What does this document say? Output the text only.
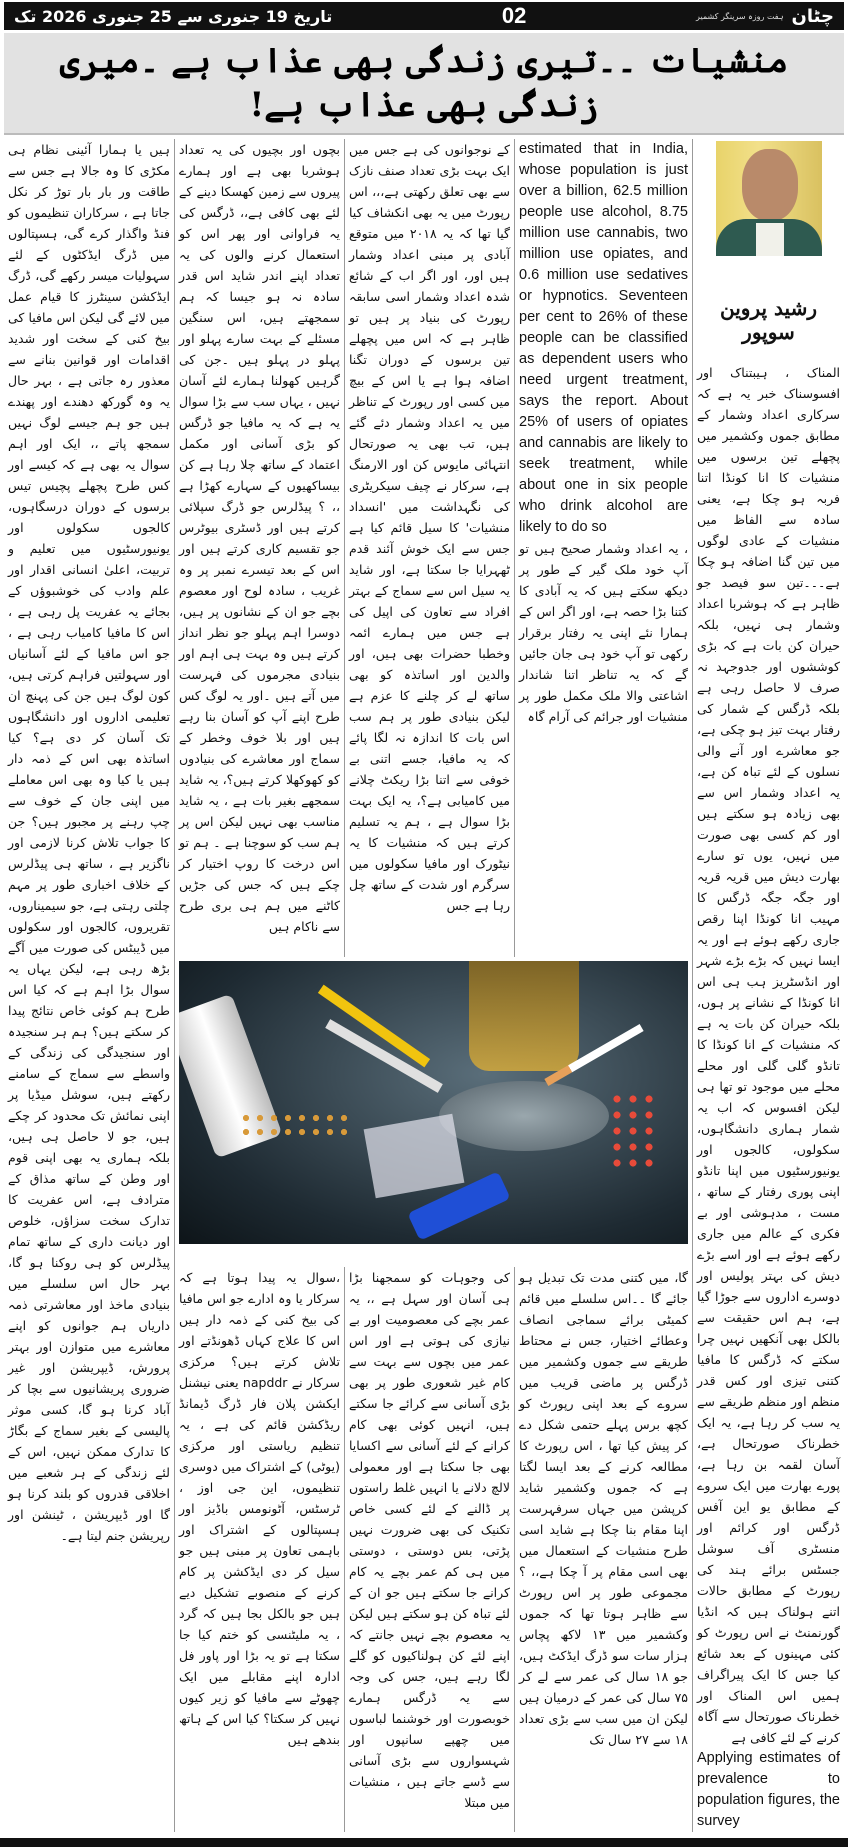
تاریخ 19 جنوری سے 25 جنوری 2026 تک	02	چٹان
ہفت روزہ سرینگر کشمیر
منشیات ۔۔تیری زندگی بھی عذاب ہے ۔میری زندگی بھی عذاب ہے!
ہیں یا ہمارا آئینی نظام ہی مکڑی کا وہ جالا ہے جس سے طاقت ور بار بار توڑ کر نکل جاتا ہے ، سرکاران تنظیموں کو فنڈ واگذار کرے گی، ہسپتالوں میں ڈرگ ایڈکٹوں کے لئے سہولیات میسر رکھے گی، ڈرگ ایڈکشن سینٹرز کا قیام عمل میں لائے گی لیکن اس مافیا کی بیخ کنی کے سخت اور شدید اقدامات اور قوانین بنانے سے معذور رہ جاتی ہے ، بہر حال یہ وہ گورکھ دھندے اور پھندے ہیں جو ہم جیسے لوگ نہیں سمجھ پاتے ،، ایک اور اہم سوال یہ بھی ہے کہ کیسے اور کس طرح پچھلے پچیس تیس برسوں کے دوران درسگاہوں، کالجوں سکولوں اور یونیورسٹیوں میں تعلیم و تربیت، اعلیٰ انسانی اقدار اور علم وادب کی خوشبوؤں کے بجائے یہ عفریت پل رہی ہے ، اس کا مافیا کامیاب رہی ہے ، جو اس مافیا کے لئے آسانیاں اور سہولتیں فراہم کرتی ہیں، کون لوگ ہیں جن کی پہنچ ان تعلیمی اداروں اور دانشگاہوں تک آسان کر دی ہے؟ کیا اساتذہ بھی اس کے ذمہ دار ہیں یا کیا وہ بھی اس معاملے میں اپنی جان کے خوف سے چپ رہنے پر مجبور ہیں؟ جن کا جواب تلاش کرنا لازمی اور ناگزیر ہے ، ساتھ ہی پیڈلرس کے خلاف اخباری طور پر مہم چلتی رہتی ہے، جو سیمیناروں، تقریروں، کالجوں اور سکولوں میں ڈیبٹس کی صورت میں آگے بڑھ رہی ہے، لیکن یہاں یہ سوال بڑا اہم ہے کہ کیا اس طرح ہم کوئی خاص نتائج پیدا کر سکتے ہیں؟ ہم ہر سنجیدہ اور سنجیدگی کی زندگی کے واسطے سے سماج کے سامنے رکھتے ہیں، سوشل میڈیا پر اپنی نمائش تک محدود کر چکے ہیں، جو لا حاصل ہی ہیں، بلکہ ہماری یہ بھی اپنی قوم اور وطن کے ساتھ مذاق کے مترادف ہے، اس عفریت کا تدارک سخت سزاؤں، خلوص اور دیانت داری کے ساتھ تمام پیڈلرس کو ہی روکنا ہو گا، بہر حال اس سلسلے میں بنیادی ماخذ اور معاشرتی ذمہ داریاں ہم جوانوں کو اپنے معاشرے میں متوازن اور بہتر پرورش، ڈیپریشن اور غیر ضروری پریشانیوں سے بچا کر آباد کرنا ہو گا، کسی موثر پالیسی کے بغیر سماج کے بگاڑ کا تدارک ممکن نہیں، اس کے لئے زندگی کے ہر شعبے میں اخلاقی قدروں کو بلند کرنا ہو گا اور ڈیپریشن ، ٹینشن اور رپریشن جنم لیتا ہے۔
بچوں اور بچیوں کی یہ تعداد ہوشربا بھی ہے اور ہمارے پیروں سے زمین کھسکا دینے کے لئے بھی کافی ہے،، ڈرگس کی یہ فراوانی اور پھر اس کو استعمال کرنے والوں کی یہ تعداد اپنے اندر شاید اس قدر سادہ نہ ہو جیسا کہ ہم سمجھتے ہیں، اس سنگین مسئلے کے بہت سارے پہلو اور پہلو در پہلو ہیں ۔جن کی گرہیں کھولنا ہمارے لئے آسان نہیں ، یہاں سب سے بڑا سوال یہ ہے کہ یہ مافیا جو ڈرگس کو بڑی آسانی اور مکمل اعتماد کے ساتھ چلا رہا ہے کن بیساکھیوں کے سہارے کھڑا ہے ،، ؟ پیڈلرس جو ڈرگ سپلائی کرتے ہیں اور ڈسٹری بیوٹرس جو تقسیم کاری کرتے ہیں اور اس کے بعد تیسرے نمبر پر وہ غریب ، سادہ لوح اور معصوم بچے جو ان کے نشانوں پر ہیں، دوسرا اہم پہلو جو نظر انداز کرتے ہیں وہ بہت ہی اہم اور بنیادی مجرموں کی فہرست میں آتے ہیں ۔اور یہ لوگ کس طرح اپنے آپ کو آسان بنا رہے ہیں اور بلا خوف وخطر کے سماج اور معاشرے کی بنیادوں کو کھوکھلا کرتے ہیں؟، یہ شاید سمجھے بغیر بات ہے ، یہ شاید مناسب بھی نہیں لیکن اس پر ہم سب کو سوچنا ہے ۔ ہم تو اس درخت کا روپ اختیار کر چکے ہیں کہ جس کی جڑیں کاٹنے میں ہم ہی بری طرح سے ناکام ہیں
کے نوجوانوں کی ہے جس میں ایک بہت بڑی تعداد صنف نازک سے بھی تعلق رکھتی ہے،،، اس رپورٹ میں یہ بھی انکشاف کیا گیا تھا کہ یہ ۲۰۱۸ میں متوقع آبادی پر مبنی اعداد وشمار ہیں اور، اور اگر اب کے شائع شدہ اعداد وشمار اسی سابقہ رپورٹ کی بنیاد پر ہیں تو ظاہر ہے کہ اس میں پچھلے تین برسوں کے دوران تگنا اضافہ ہوا ہے یا اس کے بیچ میں کسی اور رپورٹ کے تناظر میں یہ اعداد وشمار دئے گئے ہیں، تب بھی یہ صورتحال انتہائی مایوس کن اور الارمنگ ہے، سرکار نے چیف سیکریٹری کی نگہداشت میں 'انسداد منشیات' کا سیل قائم کیا ہے جس سے ایک خوش آئند قدم ٹھہرایا جا سکتا ہے، اور شاید یہ سیل اس سے سماج کے بہتر افراد سے تعاون کی اپیل کی ہے جس میں ہمارے ائمہ وخطبا حضرات بھی ہیں، اور والدین اور اساتذہ کو بھی ساتھ لے کر چلنے کا عزم ہے لیکن بنیادی طور پر ہم سب اس بات کا اندازہ نہ لگا پائے کہ یہ مافیا، جسے اتنی بے خوفی سے اتنا بڑا ریکٹ چلانے میں کامیابی ہے؟، یہ ایک بہت بڑا سوال ہے ، ہم یہ تسلیم کرتے ہیں کہ منشیات کا یہ نیٹورک اور مافیا سکولوں میں سرگرم اور شدت کے ساتھ چل رہا ہے جس
estimated that in India, whose population is just over a billion, 62.5 million people use alcohol, 8.75 million use cannabis, two million use opiates, and 0.6 million use sedatives or hypnotics. Seventeen per cent to 26% of these people can be classified as dependent users who need urgent treatment, says the report. About 25% of users of opiates and cannabis are likely to seek treatment, while about one in six people who drink alcohol are likely to do so
، یہ اعداد وشمار صحیح ہیں تو آپ خود ملک گیر کے طور پر دیکھ سکتے ہیں کہ یہ آبادی کا کتنا بڑا حصہ ہے، اور اگر اس کے ہمارا نئے اپنی یہ رفتار برقرار رکھی تو آپ خود ہی جان جائیں گے کہ یہ تناظر اتنا شاندار اشاعتی والا ملک مکمل طور پر منشیات اور جرائم کی آرام گاہ
،سوال یہ پیدا ہوتا ہے کہ سرکار یا وہ ادارے جو اس مافیا کی بیخ کنی کے ذمہ دار ہیں اس کا علاج کہاں ڈھونڈتے اور تلاش کرتے ہیں؟ مرکزی سرکار نے napddr یعنی نیشنل ایکشن پلان فار ڈرگ ڈیمانڈ ریڈکشن قائم کی ہے ، یہ تنظیم ریاستی اور مرکزی (یوٹی) کے اشتراک میں دوسری تنظیموں، این جی اوز ، ٹرسٹس، آٹونومس باڈیز اور ہسپتالوں کے اشتراک اور باہمی تعاون پر مبنی ہیں جو سیل کر دی ایڈکشن پر کام کرنے کے منصوبے تشکیل دیے ہیں جو بالکل بجا ہیں کہ گرد ، یہ ملیٹنسی کو ختم کیا جا سکتا ہے تو یہ بڑا اور پاور فل ادارہ اپنے مقابلے میں ایک چھوٹے سے مافیا کو زیر کیوں نہیں کر سکتا؟ کیا اس کے ہاتھ بندھے ہیں
کی وجوہات کو سمجھنا بڑا ہی آسان اور سہل ہے ،، یہ عمر بچے کی معصومیت اور بے نیازی کی ہوتی ہے اور اس عمر میں بچوں سے بہت سے کام غیر شعوری طور پر بھی بڑی آسانی سے کرائے جا سکتے ہیں، انہیں کوئی بھی کام کرانے کے لئے آسانی سے اکسایا بھی جا سکتا ہے اور معمولی لالچ دلانے یا انہیں غلط راستوں پر ڈالنے کے لئے کسی خاص تکنیک کی بھی ضرورت نہیں پڑتی، بس دوستی ، دوستی میں ہی کم عمر بچے یہ کام کرانے جا سکتے ہیں جو ان کے لئے تباہ کن ہو سکتے ہیں لیکن یہ معصوم بچے نہیں جانتے کہ اپنے لئے کن ہولناکیوں کو گلے لگا رہے ہیں، جس کی وجہ سے یہ ڈرگس ہمارے خوبصورت اور خوشنما لباسوں میں چھپے سانپوں اور شہسواروں سے بڑی آسانی سے ڈسے جاتے ہیں ، منشیات میں مبتلا
گا، میں کتنی مدت تک تبدیل ہو جائے گا ۔۔اس سلسلے میں قائم کمیٹی برائے سماجی انصاف وعطائے اختیار، جس نے محتاط طریقے سے جموں وکشمیر میں ڈرگس پر ماضی قریب میں سروے کے بعد اپنی رپورٹ کو کچھ برس پہلے حتمی شکل دے کر پیش کیا تھا ، اس رپورٹ کا مطالعہ کرنے کے بعد ایسا لگتا ہے کہ جموں وکشمیر شاید کرپشن میں جہاں سرفہرست اپنا مقام بنا چکا ہے شاید اسی طرح منشیات کے استعمال میں بھی اسی مقام پر آ چکا ہے،، ؟ مجموعی طور پر اس رپورٹ سے ظاہر ہوتا تھا کہ جموں وکشمیر میں ۱۳ لاکھ پچاس ہزار سات سو ڈرگ ایڈکٹ ہیں، جو ۱۸ سال کی عمر سے لے کر ۷۵ سال کی عمر کے درمیان ہیں لیکن ان میں سب سے بڑی تعداد ۱۸ سے ۲۷ سال تک
رشید پروین سوپور
المناک ، ہیبتناک اور افسوسناک خبر یہ ہے کہ سرکاری اعداد وشمار کے مطابق جموں وکشمیر میں پچھلے تین برسوں میں منشیات کا انا کونڈا اتنا فربہ ہو چکا ہے، یعنی سادہ سے الفاظ میں منشیات کے عادی لوگوں میں تین گنا اضافہ ہو چکا ہے۔۔۔تین سو فیصد جو ظاہر ہے کہ ہوشربا اعداد وشمار ہی نہیں، بلکہ حیران کن بات ہے کہ بڑی کوششوں اور جدوجہد نہ صرف لا حاصل رہی ہے بلکہ ڈرگس کے شمار کی رفتار بہت تیز ہو چکی ہے، جو معاشرے اور آنے والی نسلوں کے لئے تباہ کن ہے، یہ اعداد وشمار اس سے بھی زیادہ ہو سکتے ہیں اور کم کسی بھی صورت میں نہیں، یوں تو سارے بھارت دیش میں قریہ قریہ اور جگہ جگہ ڈرگس کا مہیب انا کونڈا اپنا رقص جاری رکھے ہوئے ہے اور یہ ایسا نہیں کہ بڑے بڑے شہر اور انڈسٹریز ہب ہی اس انا کونڈا کے نشانے پر ہوں، بلکہ حیران کن بات یہ ہے کہ منشیات کے انا کونڈا کا تانڈو گلی گلی اور محلے محلے میں موجود تو تھا ہی لیکن افسوس کہ اب یہ شمار ہماری دانشگاہوں، سکولوں، کالجوں اور یونیورسٹیوں میں اپنا تانڈو اپنی پوری رفتار کے ساتھ ، مست ، مدہوشی اور بے فکری کے عالم میں جاری رکھے ہوئے ہے اور اسے بڑے دیش کی بہتر پولیس اور دوسرے اداروں سے جوڑا گیا ہے، ہم اس حقیقت سے بالکل بھی آنکھیں نہیں چرا سکتے کہ ڈرگس کا مافیا کتنی تیزی اور کس قدر منظم اور منظم طریقے سے یہ سب کر رہا ہے، یہ ایک خطرناک صورتحال ہے، آسان لقمہ بن رہا ہے، پورے بھارت میں ایک سروے کے مطابق یو این آفس ڈرگس اور کرائم اور منسٹری آف سوشل جسٹس برائے ہند کی رپورٹ کے مطابق حالات اتنے ہولناک ہیں کہ انڈیا گورنمنٹ نے اس رپورٹ کو کئی مہینوں کے بعد شائع کیا جس کا ایک پیراگراف ہمیں اس المناک اور خطرناک صورتحال سے آگاہ کرنے کے لئے کافی ہے
Applying estimates of prevalence to population figures, the survey
